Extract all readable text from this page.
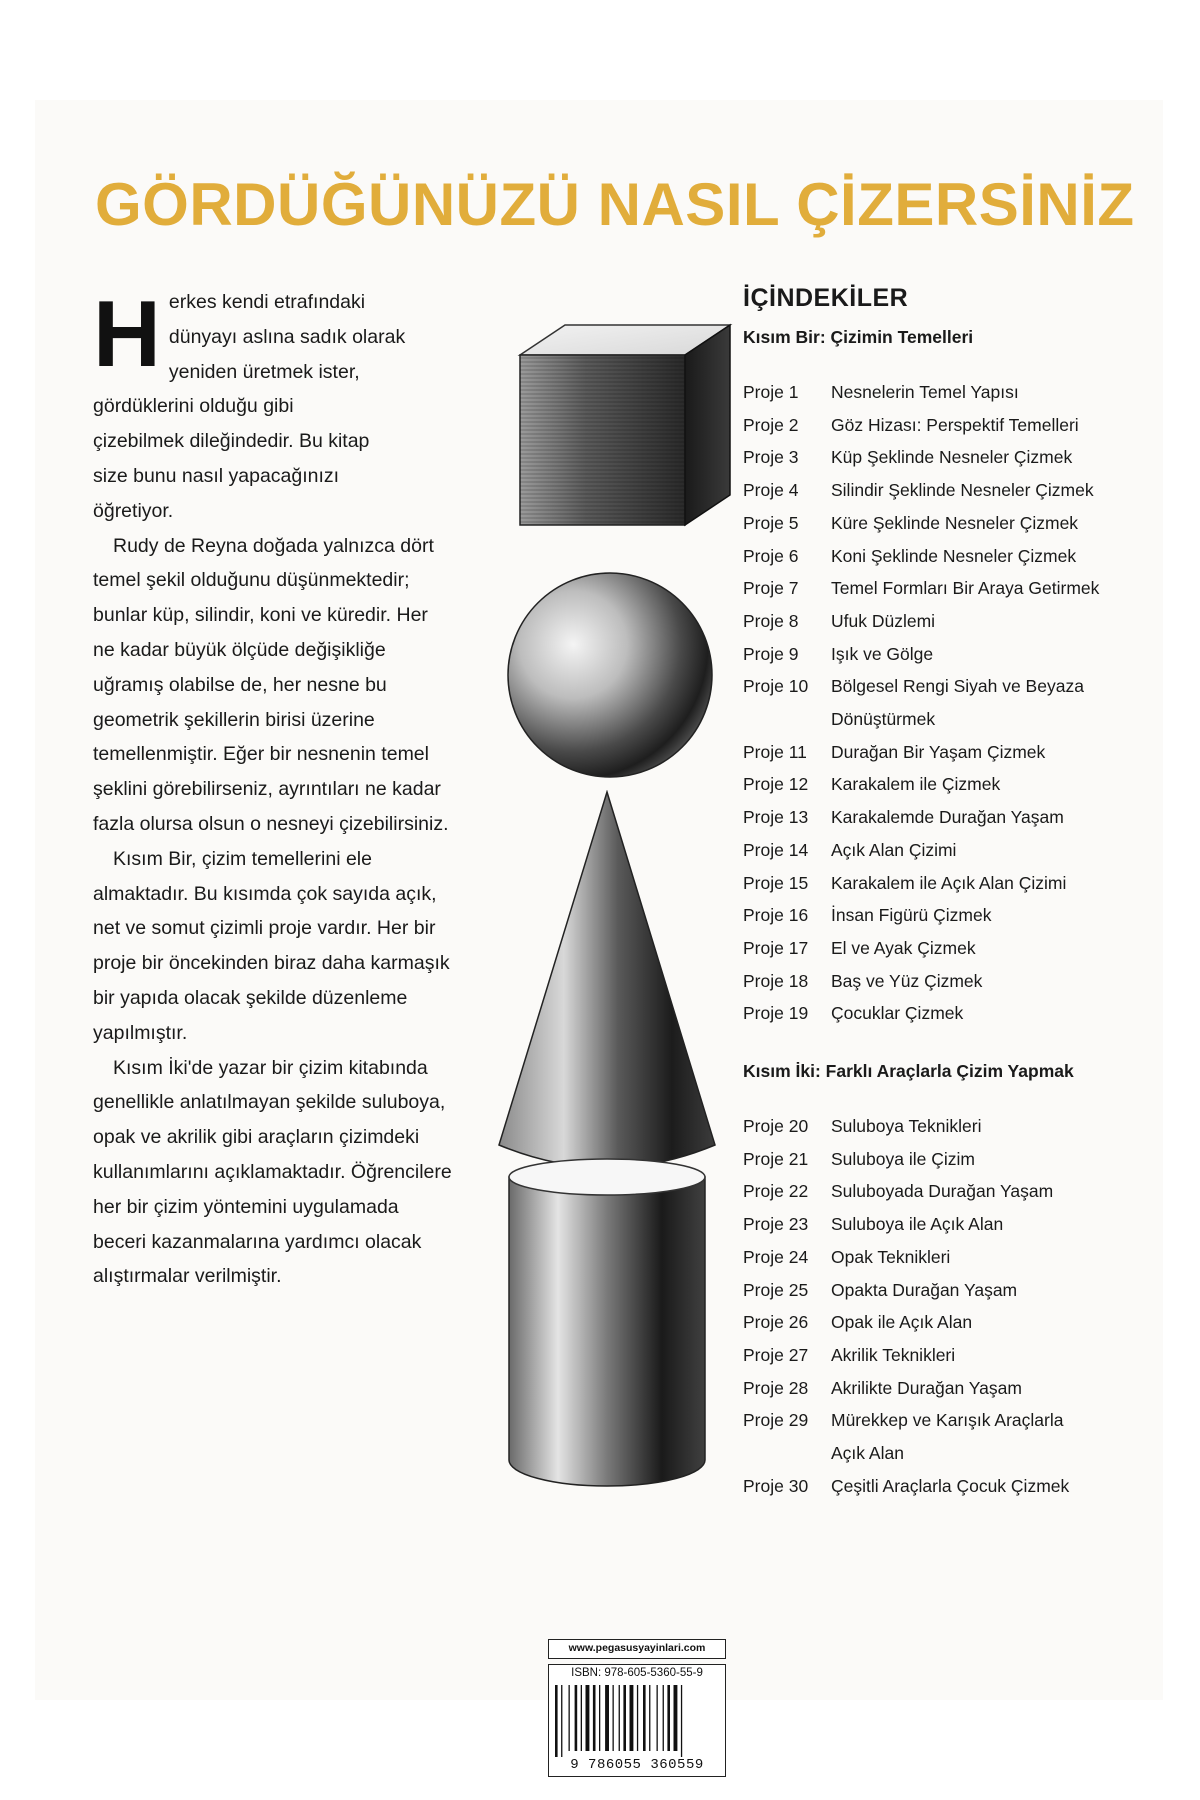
GÖRDÜĞÜNÜZÜ NASIL ÇİZERSİNİZ

H erkes kendi etrafındaki
dünyayı aslına sadık olarak
yeniden üretmek ister,
gördüklerini olduğu gibi
çizebilmek dileğindedir. Bu kitap
size bunu nasıl yapacağınızı
öğretiyor.

Rudy de Reyna doğada yalnızca dört temel şekil olduğunu düşünmektedir; bunlar küp, silindir, koni ve küredir. Her ne kadar büyük ölçüde değişikliğe uğramış olabilse de, her nesne bu geometrik şekillerin birisi üzerine temellenmiştir. Eğer bir nesnenin temel şeklini görebilirseniz, ayrıntıları ne kadar fazla olursa olsun o nesneyi çizebilirsiniz.

Kısım Bir, çizim temellerini ele almaktadır. Bu kısımda çok sayıda açık, net ve somut çizimli proje vardır. Her bir proje bir öncekinden biraz daha karmaşık bir yapıda olacak şekilde düzenleme yapılmıştır.

Kısım İki'de yazar bir çizim kitabında genellikle anlatılmayan şekilde suluboya, opak ve akrilik gibi araçların çizimdeki kullanımlarını açıklamaktadır. Öğrencilere her bir çizim yöntemini uygulamada beceri kazanmalarına yardımcı olacak alıştırmalar verilmiştir.

İÇİNDEKİLER
Kısım Bir: Çizimin Temelleri
Proje 1	Nesnelerin Temel Yapısı
Proje 2	Göz Hizası: Perspektif Temelleri
Proje 3	Küp Şeklinde Nesneler Çizmek
Proje 4	Silindir Şeklinde Nesneler Çizmek
Proje 5	Küre Şeklinde Nesneler Çizmek
Proje 6	Koni Şeklinde Nesneler Çizmek
Proje 7	Temel Formları Bir Araya Getirmek
Proje 8	Ufuk Düzlemi
Proje 9	Işık ve Gölge
Proje 10	Bölgesel Rengi Siyah ve Beyaza
Dönüştürmek
Proje 11	Durağan Bir Yaşam Çizmek
Proje 12	Karakalem ile Çizmek
Proje 13	Karakalemde Durağan Yaşam
Proje 14	Açık Alan Çizimi
Proje 15	Karakalem ile Açık Alan Çizimi
Proje 16	İnsan Figürü Çizmek
Proje 17	El ve Ayak Çizmek
Proje 18	Baş ve Yüz Çizmek
Proje 19	Çocuklar Çizmek
Kısım İki: Farklı Araçlarla Çizim Yapmak
Proje 20	Suluboya Teknikleri
Proje 21	Suluboya ile Çizim
Proje 22	Suluboyada Durağan Yaşam
Proje 23	Suluboya ile Açık Alan
Proje 24	Opak Teknikleri
Proje 25	Opakta Durağan Yaşam
Proje 26	Opak ile Açık Alan
Proje 27	Akrilik Teknikleri
Proje 28	Akrilikte Durağan Yaşam
Proje 29	Mürekkep ve Karışık Araçlarla
Açık Alan
Proje 30	Çeşitli Araçlarla Çocuk Çizmek
www.pegasusyayinlari.com
ISBN: 978-605-5360-55-9
9 786055 360559
